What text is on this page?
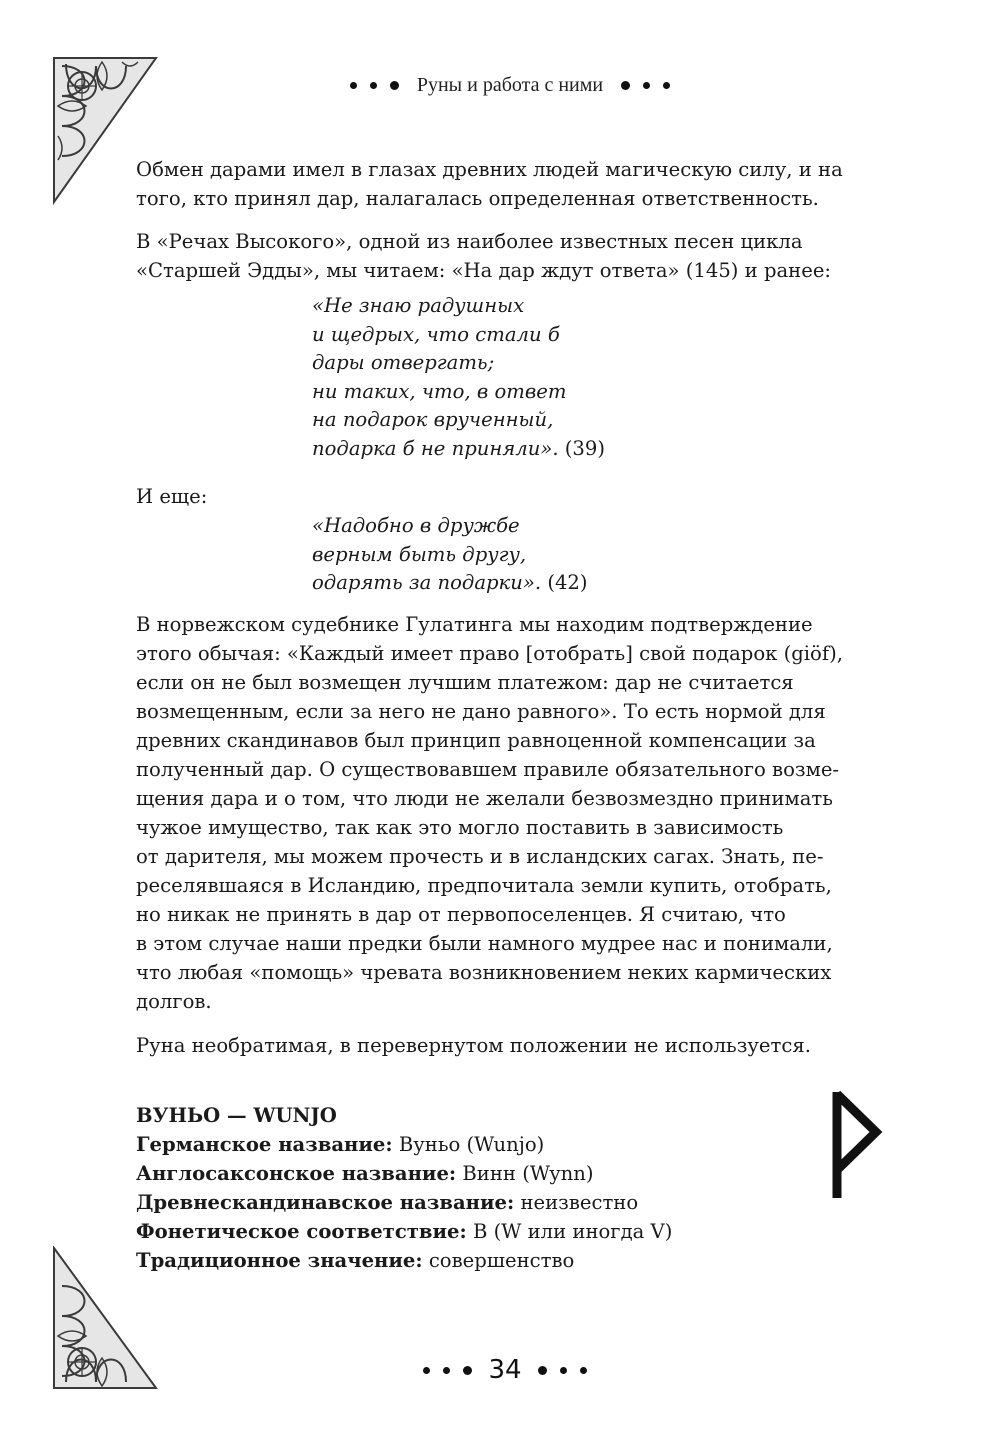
Руны и работа с ними

Обмен дарами имел в глазах древних людей магическую силу, и на
того, кто принял дар, налагалась определенная ответственность.

В «Речах Высокого», одной из наиболее известных песен цикла
«Старшей Эдды», мы читаем: «На дар ждут ответа» (145) и ранее:

«Не знаю радушных
и щедрых, что стали б
дары отвергать;
ни таких, что, в ответ
на подарок врученный,
подарка б не приняли». (39)

И еще:

«Надобно в дружбе
верным быть другу,
одарять за подарки». (42)

В норвежском судебнике Гулатинга мы находим подтверждение
этого обычая: «Каждый имеет право [отобрать] свой подарок (giöf),
если он не был возмещен лучшим платежом: дар не считается
возмещенным, если за него не дано равного». То есть нормой для
древних скандинавов был принцип равноценной компенсации за
полученный дар. О существовавшем правиле обязательного возме-
щения дара и о том, что люди не желали безвозмездно принимать
чужое имущество, так как это могло поставить в зависимость
от дарителя, мы можем прочесть и в исландских сагах. Знать, пе-
реселявшаяся в Исландию, предпочитала земли купить, отобрать,
но никак не принять в дар от первопоселенцев. Я считаю, что
в этом случае наши предки были намного мудрее нас и понимали,
что любая «помощь» чревата возникновением неких кармических
долгов.

Руна необратимая, в перевернутом положении не используется.

ВУНЬО — WUNJO
Германское название: Вуньо (Wunjo)
Англосаксонское название: Винн (Wynn)
Древнескандинавское название: неизвестно
Фонетическое соответствие: В (W или иногда V)
Традиционное значение: совершенство
34
